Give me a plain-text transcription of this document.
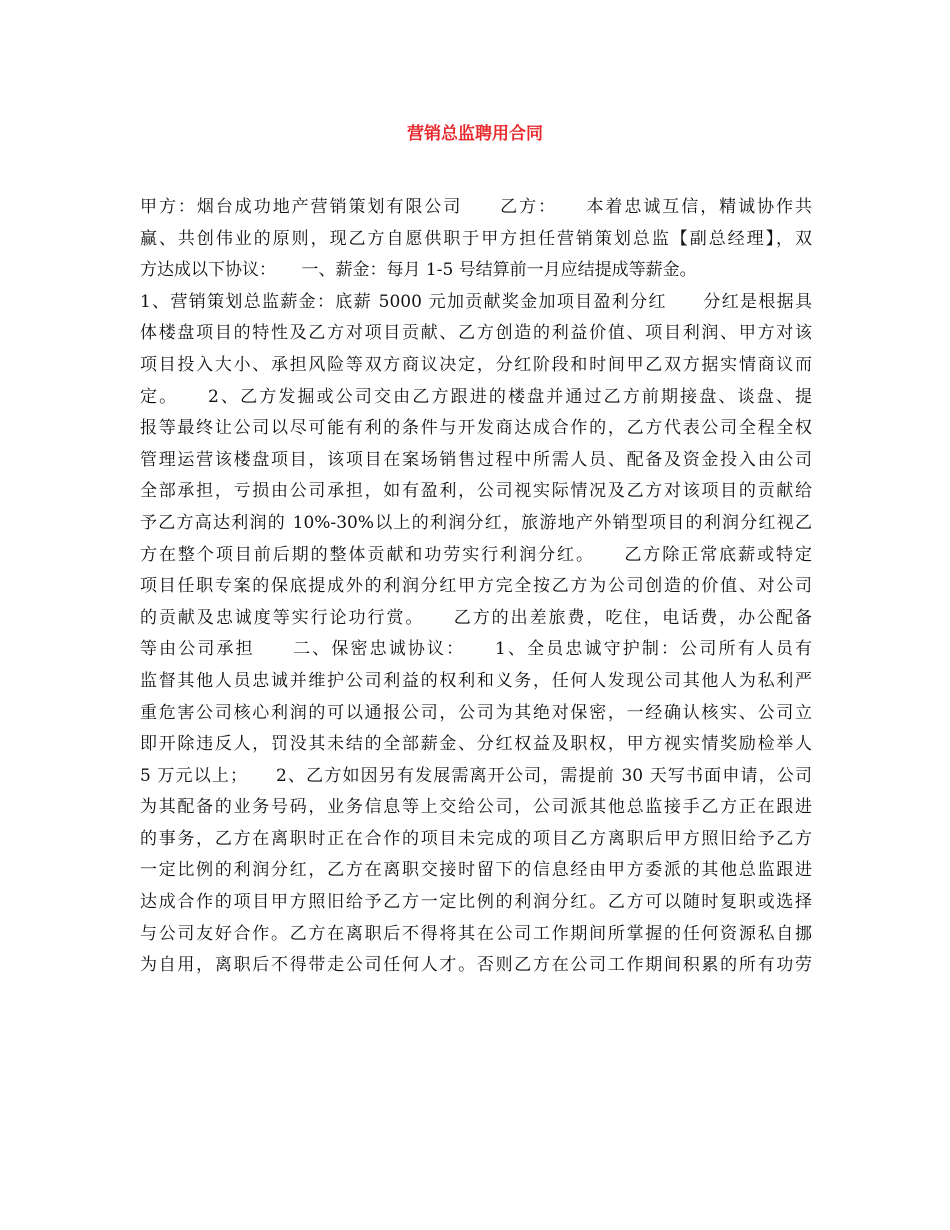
营销总监聘用合同
甲方：烟台成功地产营销策划有限公司　　乙方：　　本着忠诚互信，精诚协作共
赢、共创伟业的原则，现乙方自愿供职于甲方担任营销策划总监【副总经理】，双
方达成以下协议：　　一、薪金：每月 1-5 号结算前一月应结提成等薪金。
1、营销策划总监薪金：底薪 5000 元加贡献奖金加项目盈利分红　　分红是根据具
体楼盘项目的特性及乙方对项目贡献、乙方创造的利益价值、项目利润、甲方对该
项目投入大小、承担风险等双方商议决定，分红阶段和时间甲乙双方据实情商议而
定。　　2、乙方发掘或公司交由乙方跟进的楼盘并通过乙方前期接盘、谈盘、提
报等最终让公司以尽可能有利的条件与开发商达成合作的，乙方代表公司全程全权
管理运营该楼盘项目，该项目在案场销售过程中所需人员、配备及资金投入由公司
全部承担，亏损由公司承担，如有盈利，公司视实际情况及乙方对该项目的贡献给
予乙方高达利润的 10%-30%以上的利润分红，旅游地产外销型项目的利润分红视乙
方在整个项目前后期的整体贡献和功劳实行利润分红。　　乙方除正常底薪或特定
项目任职专案的保底提成外的利润分红甲方完全按乙方为公司创造的价值、对公司
的贡献及忠诚度等实行论功行赏。　　乙方的出差旅费，吃住，电话费，办公配备
等由公司承担　　二、保密忠诚协议：　　1、全员忠诚守护制：公司所有人员有
监督其他人员忠诚并维护公司利益的权利和义务，任何人发现公司其他人为私利严
重危害公司核心利润的可以通报公司，公司为其绝对保密，一经确认核实、公司立
即开除违反人，罚没其未结的全部薪金、分红权益及职权，甲方视实情奖励检举人
5 万元以上；　　2、乙方如因另有发展需离开公司，需提前 30 天写书面申请，公司
为其配备的业务号码，业务信息等上交给公司，公司派其他总监接手乙方正在跟进
的事务，乙方在离职时正在合作的项目未完成的项目乙方离职后甲方照旧给予乙方
一定比例的利润分红，乙方在离职交接时留下的信息经由甲方委派的其他总监跟进
达成合作的项目甲方照旧给予乙方一定比例的利润分红。乙方可以随时复职或选择
与公司友好合作。乙方在离职后不得将其在公司工作期间所掌握的任何资源私自挪
为自用，离职后不得带走公司任何人才。否则乙方在公司工作期间积累的所有功劳
